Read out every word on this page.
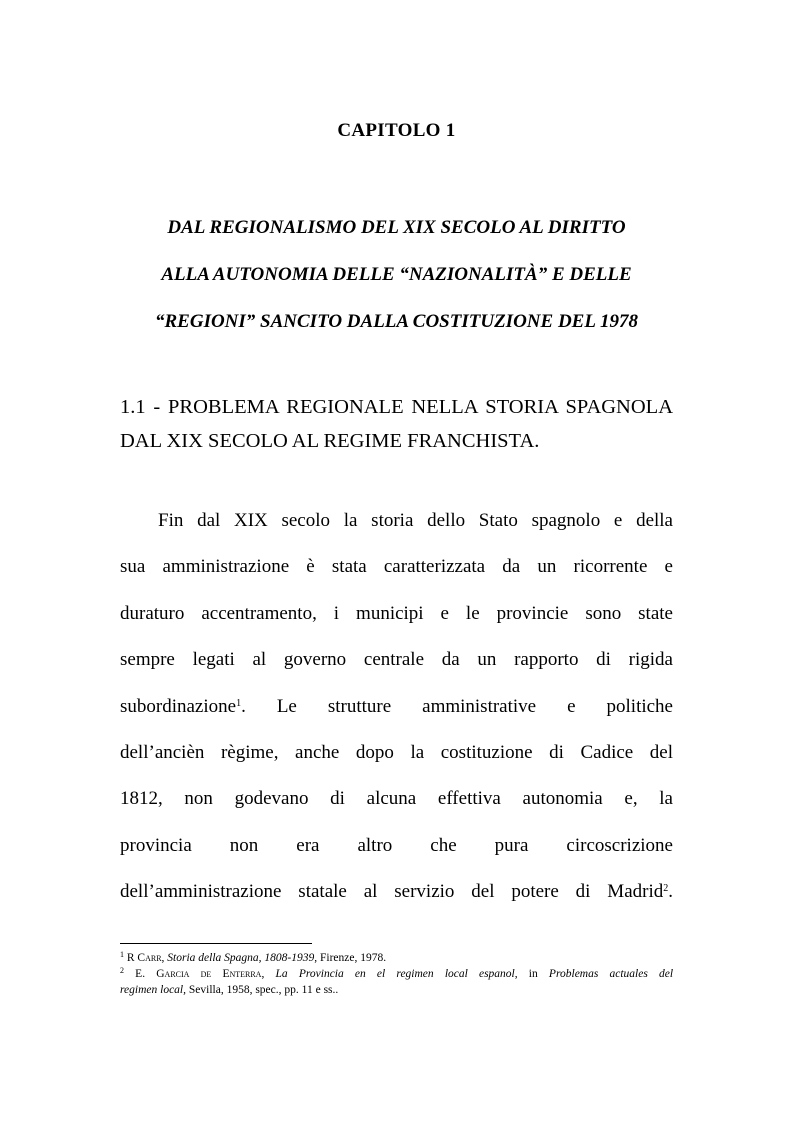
CAPITOLO 1
DAL REGIONALISMO DEL XIX SECOLO AL DIRITTO
ALLA AUTONOMIA DELLE “NAZIONALITÀ” E DELLE
“REGIONI” SANCITO DALLA COSTITUZIONE DEL 1978
1.1 - PROBLEMA REGIONALE NELLA STORIA SPAGNOLA
DAL XIX SECOLO AL REGIME FRANCHISTA.
Fin dal XIX secolo la storia dello Stato spagnolo e della
sua amministrazione è stata caratterizzata da un ricorrente e
duraturo accentramento, i municipi e le provincie sono state
sempre legati al governo centrale da un rapporto di rigida
subordinazione$^1$. Le strutture amministrative e politiche
dell’ancièn règime, anche dopo la costituzione di Cadice del
1812, non godevano di alcuna effettiva autonomia e, la
provincia non era altro che pura circoscrizione
dell’amministrazione statale al servizio del potere di Madrid$^2$.
$^1$ R Carr, Storia della Spagna, 1808-1939, Firenze, 1978.
$^2$ E. Garcia de Enterra, La Provincia en el regimen local espanol, in Problemas actuales del
regimen local, Sevilla, 1958, spec., pp. 11 e ss..
